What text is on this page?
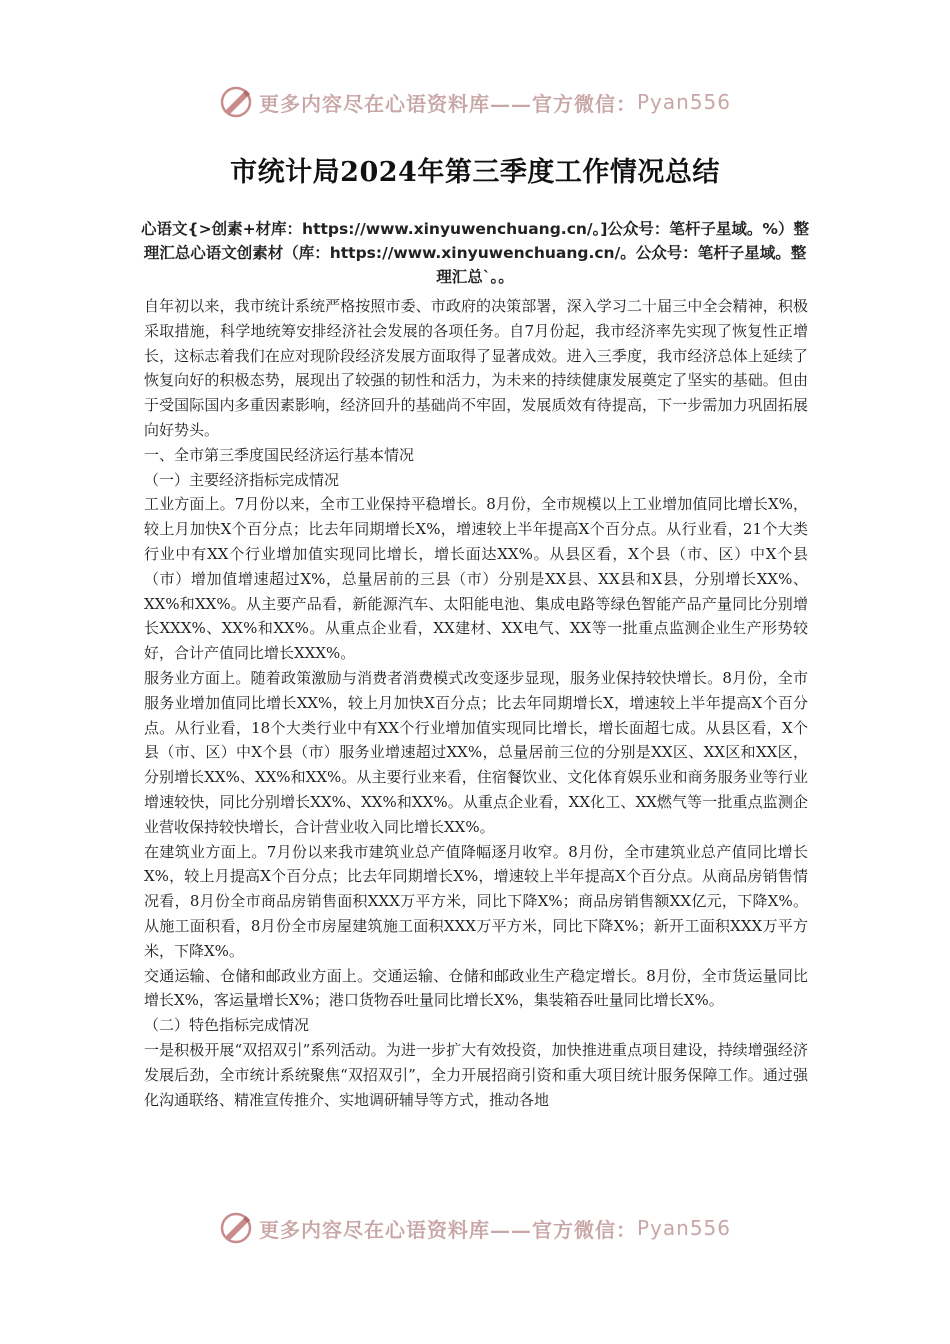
更多内容尽在心语资料库——官方微信： Pyan556
市统计局2024年第三季度工作情况总结
心语文{>创素+材库：https://www.xinyuwenchuang.cn/。]公众号：笔杆子星域。%）整理汇总心语文创素材（库：https://www.xinyuwenchuang.cn/。公众号：笔杆子星域。整理汇总`。。

自年初以来，我市统计系统严格按照市委、市政府的决策部署，深入学习二十届三中全会精神，积极采取措施，科学地统筹安排经济社会发展的各项任务。自7月份起，我市经济率先实现了恢复性正增长，这标志着我们在应对现阶段经济发展方面取得了显著成效。进入三季度，我市经济总体上延续了恢复向好的积极态势，展现出了较强的韧性和活力，为未来的持续健康发展奠定了坚实的基础。但由于受国际国内多重因素影响，经济回升的基础尚不牢固，发展质效有待提高，下一步需加力巩固拓展向好势头。

一、全市第三季度国民经济运行基本情况

（一）主要经济指标完成情况

工业方面上。7月份以来，全市工业保持平稳增长。8月份，全市规模以上工业增加值同比增长X%，较上月加快X个百分点；比去年同期增长X%，增速较上半年提高X个百分点。从行业看，21个大类行业中有XX个行业增加值实现同比增长，增长面达XX%。从县区看，X个县（市、区）中X个县（市）增加值增速超过X%，总量居前的三县（市）分别是XX县、XX县和X县，分别增长XX%、XX%和XX%。从主要产品看，新能源汽车、太阳能电池、集成电路等绿色智能产品产量同比分别增长XXX%、XX%和XX%。从重点企业看，XX建材、XX电气、XX等一批重点监测企业生产形势较好，合计产值同比增长XXX%。

服务业方面上。随着政策激励与消费者消费模式改变逐步显现，服务业保持较快增长。8月份，全市服务业增加值同比增长XX%，较上月加快X百分点；比去年同期增长X，增速较上半年提高X个百分点。从行业看，18个大类行业中有XX个行业增加值实现同比增长，增长面超七成。从县区看，X个县（市、区）中X个县（市）服务业增速超过XX%，总量居前三位的分别是XX区、XX区和XX区，分别增长XX%、XX%和XX%。从主要行业来看，住宿餐饮业、文化体育娱乐业和商务服务业等行业增速较快，同比分别增长XX%、XX%和XX%。从重点企业看，XX化工、XX燃气等一批重点监测企业营收保持较快增长，合计营业收入同比增长XX%。

在建筑业方面上。7月份以来我市建筑业总产值降幅逐月收窄。8月份，全市建筑业总产值同比增长X%，较上月提高X个百分点；比去年同期增长X%，增速较上半年提高X个百分点。从商品房销售情况看，8月份全市商品房销售面积XXX万平方米，同比下降X%；商品房销售额XX亿元，下降X%。从施工面积看，8月份全市房屋建筑施工面积XXX万平方米，同比下降X%；新开工面积XXX万平方米，下降X%。

交通运输、仓储和邮政业方面上。交通运输、仓储和邮政业生产稳定增长。8月份，全市货运量同比增长X%，客运量增长X%；港口货物吞吐量同比增长X%，集装箱吞吐量同比增长X%。

（二）特色指标完成情况

一是积极开展“双招双引”系列活动。为进一步扩大有效投资，加快推进重点项目建设，持续增强经济发展后劲，全市统计系统聚焦“双招双引”，全力开展招商引资和重大项目统计服务保障工作。通过强化沟通联络、精准宣传推介、实地调研辅导等方式，推动各地

更多内容尽在心语资料库——官方微信： Pyan556
